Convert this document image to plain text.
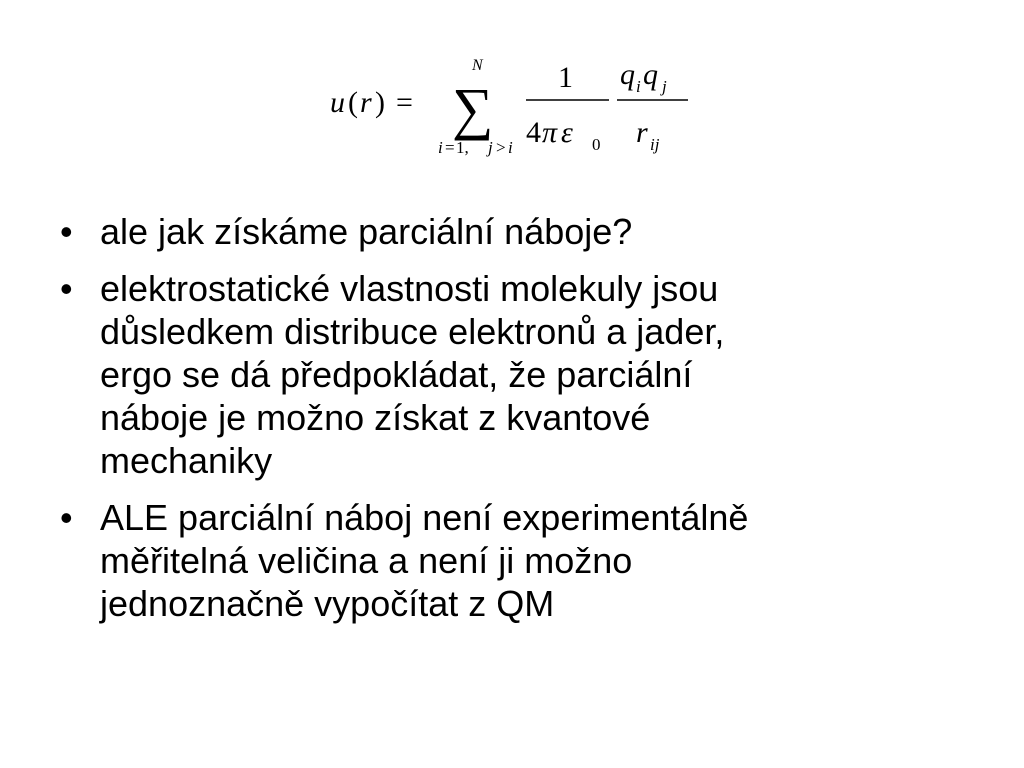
u ( r ) =
N
∑
i = 1, j > i
1
4 π ε 0
q i q j
r ij
• ale jak získáme parciální náboje?
• elektrostatické vlastnosti molekuly jsou
důsledkem distribuce elektronů a jader,
ergo se dá předpokládat, že parciální
náboje je možno získat z kvantové
mechaniky
• ALE parciální náboj není experimentálně
měřitelná veličina a není ji možno
jednoznačně vypočítat z QM
